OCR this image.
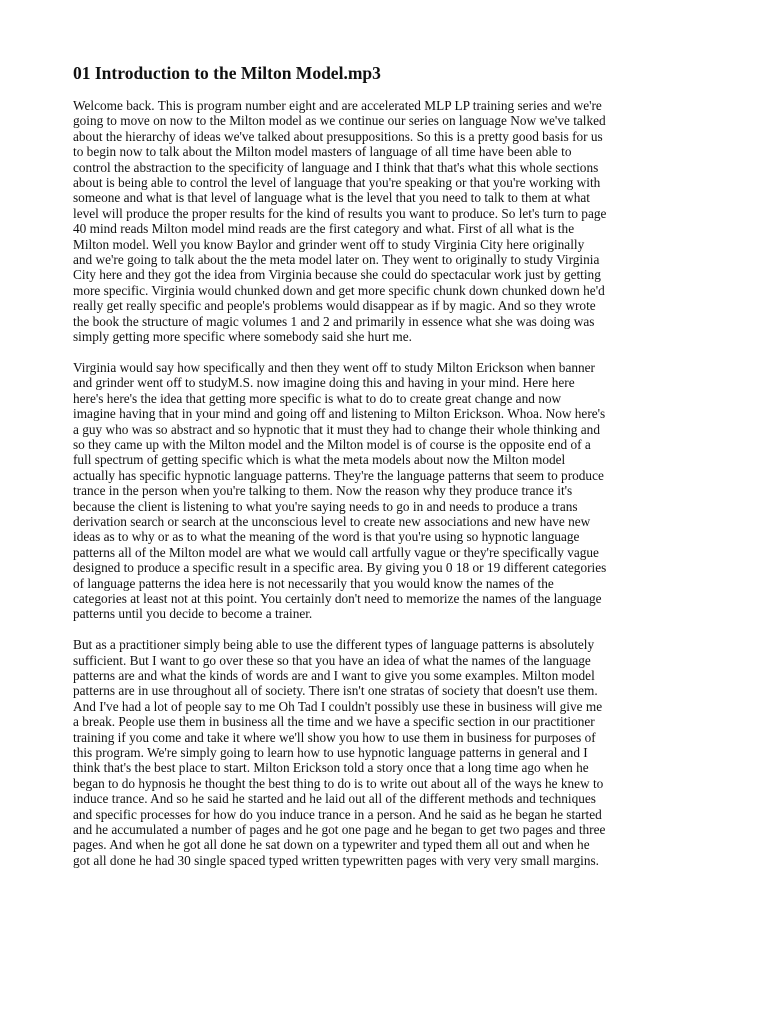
01 Introduction to the Milton Model.mp3

Welcome back. This is program number eight and are accelerated MLP LP training series and we're
going to move on now to the Milton model as we continue our series on language Now we've talked
about the hierarchy of ideas we've talked about presuppositions. So this is a pretty good basis for us
to begin now to talk about the Milton model masters of language of all time have been able to
control the abstraction to the specificity of language and I think that that's what this whole sections
about is being able to control the level of language that you're speaking or that you're working with
someone and what is that level of language what is the level that you need to talk to them at what
level will produce the proper results for the kind of results you want to produce. So let's turn to page
40 mind reads Milton model mind reads are the first category and what. First of all what is the
Milton model. Well you know Baylor and grinder went off to study Virginia City here originally
and we're going to talk about the the meta model later on. They went to originally to study Virginia
City here and they got the idea from Virginia because she could do spectacular work just by getting
more specific. Virginia would chunked down and get more specific chunk down chunked down he'd
really get really specific and people's problems would disappear as if by magic. And so they wrote
the book the structure of magic volumes 1 and 2 and primarily in essence what she was doing was
simply getting more specific where somebody said she hurt me.

Virginia would say how specifically and then they went off to study Milton Erickson when banner
and grinder went off to studyM.S. now imagine doing this and having in your mind. Here here
here's here's the idea that getting more specific is what to do to create great change and now
imagine having that in your mind and going off and listening to Milton Erickson. Whoa. Now here's
a guy who was so abstract and so hypnotic that it must they had to change their whole thinking and
so they came up with the Milton model and the Milton model is of course is the opposite end of a
full spectrum of getting specific which is what the meta models about now the Milton model
actually has specific hypnotic language patterns. They're the language patterns that seem to produce
trance in the person when you're talking to them. Now the reason why they produce trance it's
because the client is listening to what you're saying needs to go in and needs to produce a trans
derivation search or search at the unconscious level to create new associations and new have new
ideas as to why or as to what the meaning of the word is that you're using so hypnotic language
patterns all of the Milton model are what we would call artfully vague or they're specifically vague
designed to produce a specific result in a specific area. By giving you 0 18 or 19 different categories
of language patterns the idea here is not necessarily that you would know the names of the
categories at least not at this point. You certainly don't need to memorize the names of the language
patterns until you decide to become a trainer.

But as a practitioner simply being able to use the different types of language patterns is absolutely
sufficient. But I want to go over these so that you have an idea of what the names of the language
patterns are and what the kinds of words are and I want to give you some examples. Milton model
patterns are in use throughout all of society. There isn't one stratas of society that doesn't use them.
And I've had a lot of people say to me Oh Tad I couldn't possibly use these in business will give me
a break. People use them in business all the time and we have a specific section in our practitioner
training if you come and take it where we'll show you how to use them in business for purposes of
this program. We're simply going to learn how to use hypnotic language patterns in general and I
think that's the best place to start. Milton Erickson told a story once that a long time ago when he
began to do hypnosis he thought the best thing to do is to write out about all of the ways he knew to
induce trance. And so he said he started and he laid out all of the different methods and techniques
and specific processes for how do you induce trance in a person. And he said as he began he started
and he accumulated a number of pages and he got one page and he began to get two pages and three
pages. And when he got all done he sat down on a typewriter and typed them all out and when he
got all done he had 30 single spaced typed written typewritten pages with very very small margins.
